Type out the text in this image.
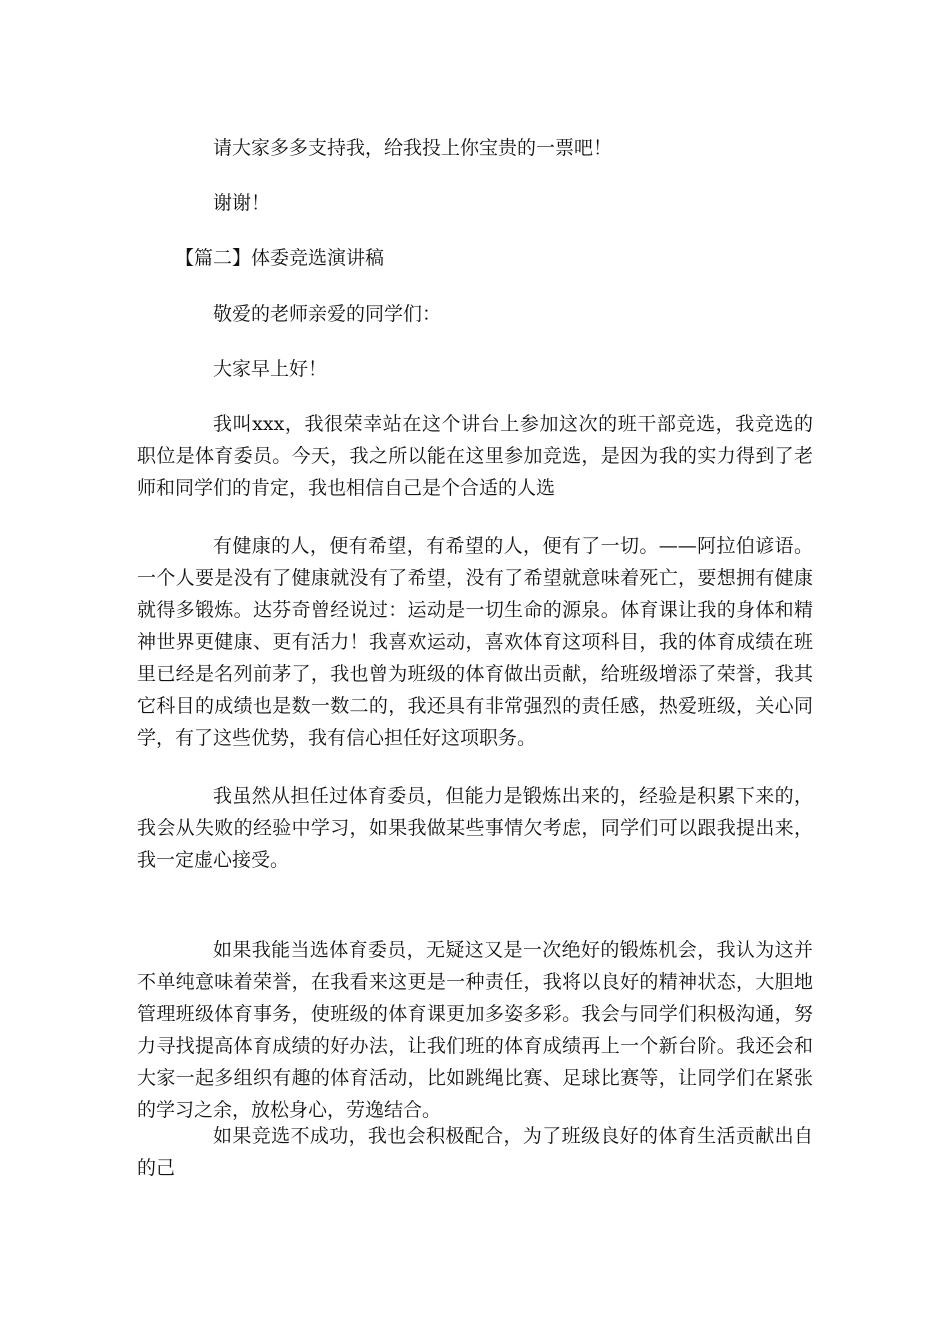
请大家多多支持我，给我投上你宝贵的一票吧！

谢谢！

【篇二】体委竞选演讲稿

敬爱的老师亲爱的同学们：

大家早上好！

我叫xxx，我很荣幸站在这个讲台上参加这次的班干部竞选，我竞选的职位是体育委员。今天，我之所以能在这里参加竞选，是因为我的实力得到了老师和同学们的肯定，我也相信自己是个合适的人选

有健康的人，便有希望，有希望的人，便有了一切。——阿拉伯谚语。一个人要是没有了健康就没有了希望，没有了希望就意味着死亡，要想拥有健康就得多锻炼。达芬奇曾经说过：运动是一切生命的源泉。体育课让我的身体和精神世界更健康、更有活力！我喜欢运动，喜欢体育这项科目，我的体育成绩在班里已经是名列前茅了，我也曾为班级的体育做出贡献，给班级增添了荣誉，我其它科目的成绩也是数一数二的，我还具有非常强烈的责任感，热爱班级，关心同学，有了这些优势，我有信心担任好这项职务。

我虽然从担任过体育委员，但能力是锻炼出来的，经验是积累下来的，我会从失败的经验中学习，如果我做某些事情欠考虑，同学们可以跟我提出来，我一定虚心接受。

如果我能当选体育委员，无疑这又是一次绝好的锻炼机会，我认为这并不单纯意味着荣誉，在我看来这更是一种责任，我将以良好的精神状态，大胆地管理班级体育事务，使班级的体育课更加多姿多彩。我会与同学们积极沟通，努力寻找提高体育成绩的好办法，让我们班的体育成绩再上一个新台阶。我还会和大家一起多组织有趣的体育活动，比如跳绳比赛、足球比赛等，让同学们在紧张的学习之余，放松身心，劳逸结合。

如果竞选不成功，我也会积极配合，为了班级良好的体育生活贡献出自的己
